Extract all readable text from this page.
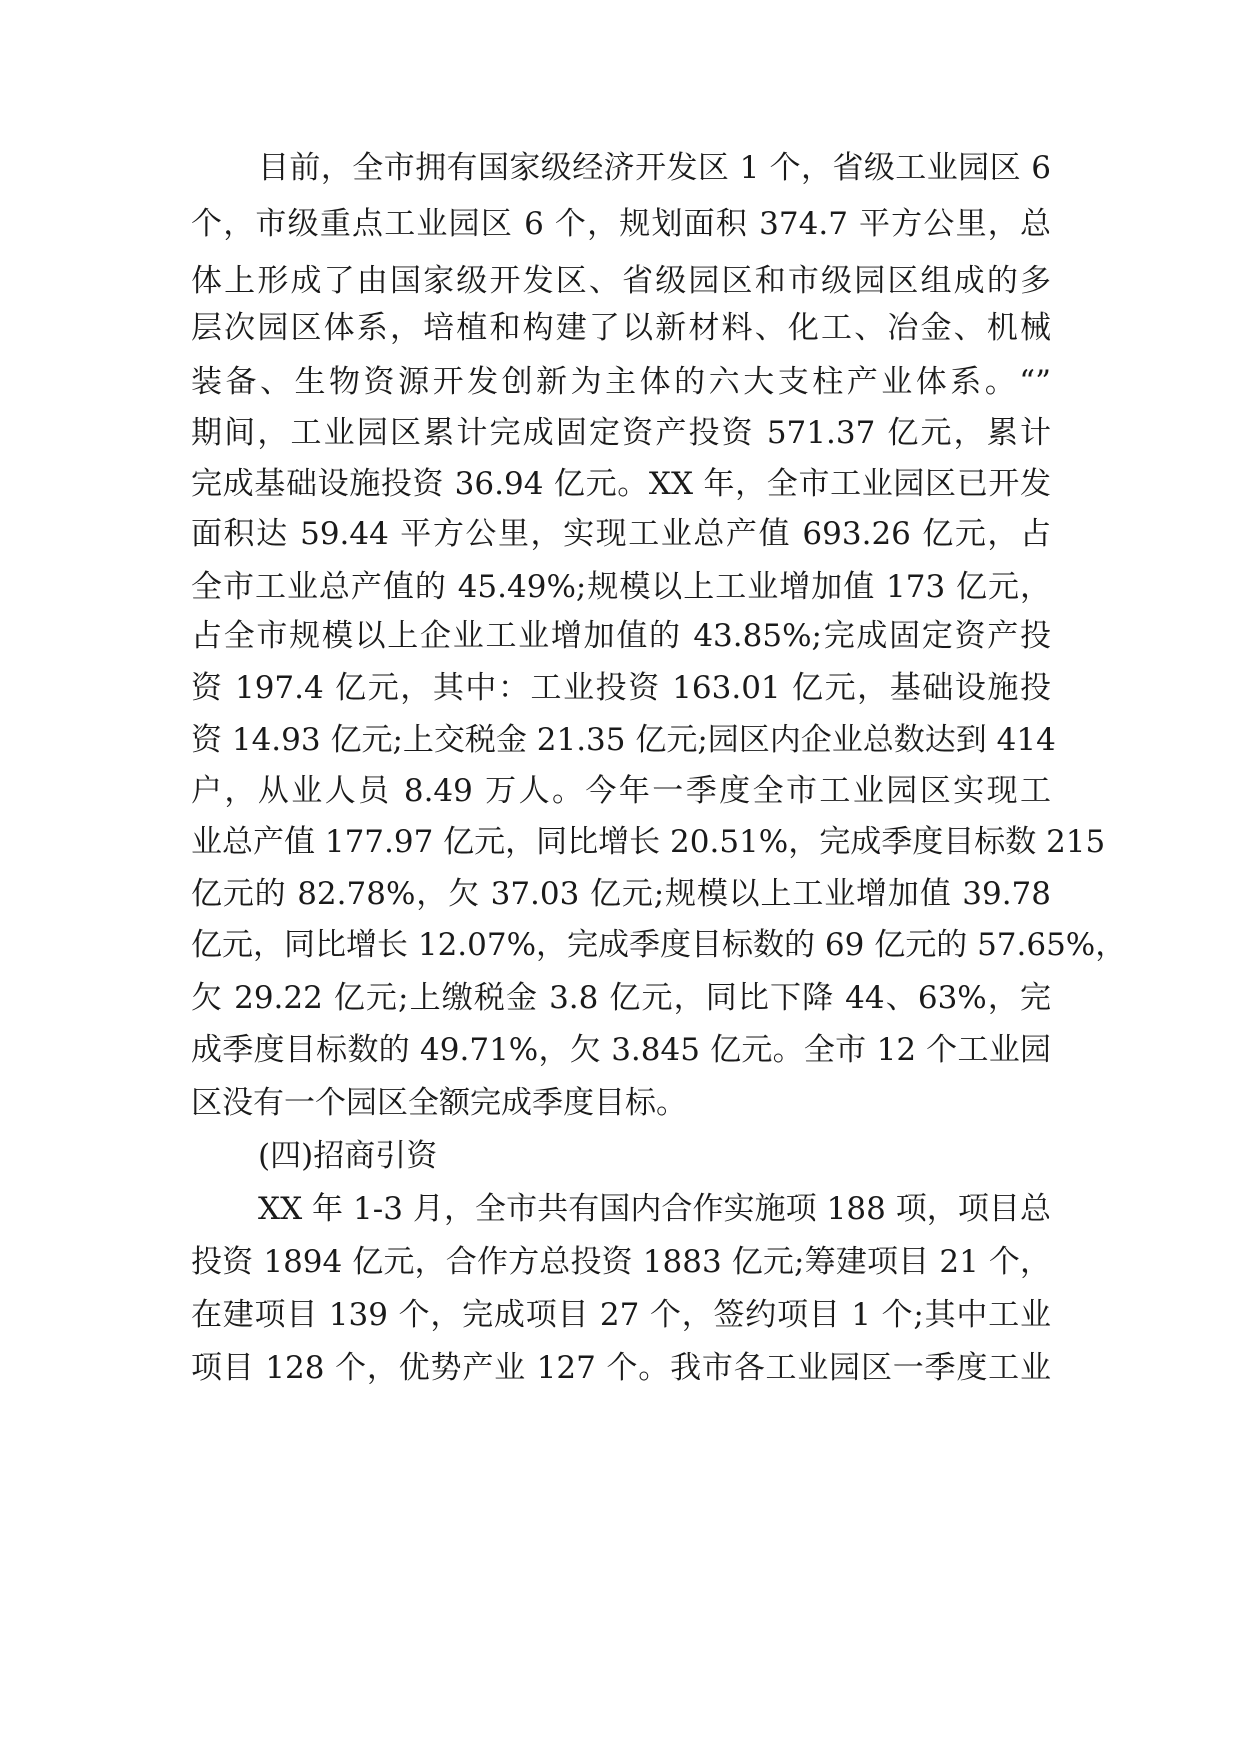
目前，全市拥有国家级经济开发区 1 个，省级工业园区 6
个，市级重点工业园区 6 个，规划面积 374.7 平方公里，总
体上形成了由国家级开发区、省级园区和市级园区组成的多
层次园区体系，培植和构建了以新材料、化工、冶金、机械
装备、生物资源开发创新为主体的六大支柱产业体系。“”
期间，工业园区累计完成固定资产投资 571.37 亿元，累计
完成基础设施投资 36.94 亿元。XX 年，全市工业园区已开发
面积达 59.44 平方公里，实现工业总产值 693.26 亿元，占
全市工业总产值的 45.49%;规模以上工业增加值 173 亿元，
占全市规模以上企业工业增加值的 43.85%;完成固定资产投
资 197.4 亿元，其中：工业投资 163.01 亿元，基础设施投
资 14.93 亿元;上交税金 21.35 亿元;园区内企业总数达到 414
户，从业人员 8.49 万人。今年一季度全市工业园区实现工
业总产值 177.97 亿元，同比增长 20.51%，完成季度目标数 215
亿元的 82.78%，欠 37.03 亿元;规模以上工业增加值 39.78
亿元，同比增长 12.07%，完成季度目标数的 69 亿元的 57.65%，
欠 29.22 亿元;上缴税金 3.8 亿元，同比下降 44、63%，完
成季度目标数的 49.71%，欠 3.845 亿元。全市 12 个工业园
区没有一个园区全额完成季度目标。
(四)招商引资
XX 年 1-3 月，全市共有国内合作实施项 188 项，项目总
投资 1894 亿元，合作方总投资 1883 亿元;筹建项目 21 个，
在建项目 139 个，完成项目 27 个，签约项目 1 个;其中工业
项目 128 个，优势产业 127 个。我市各工业园区一季度工业
